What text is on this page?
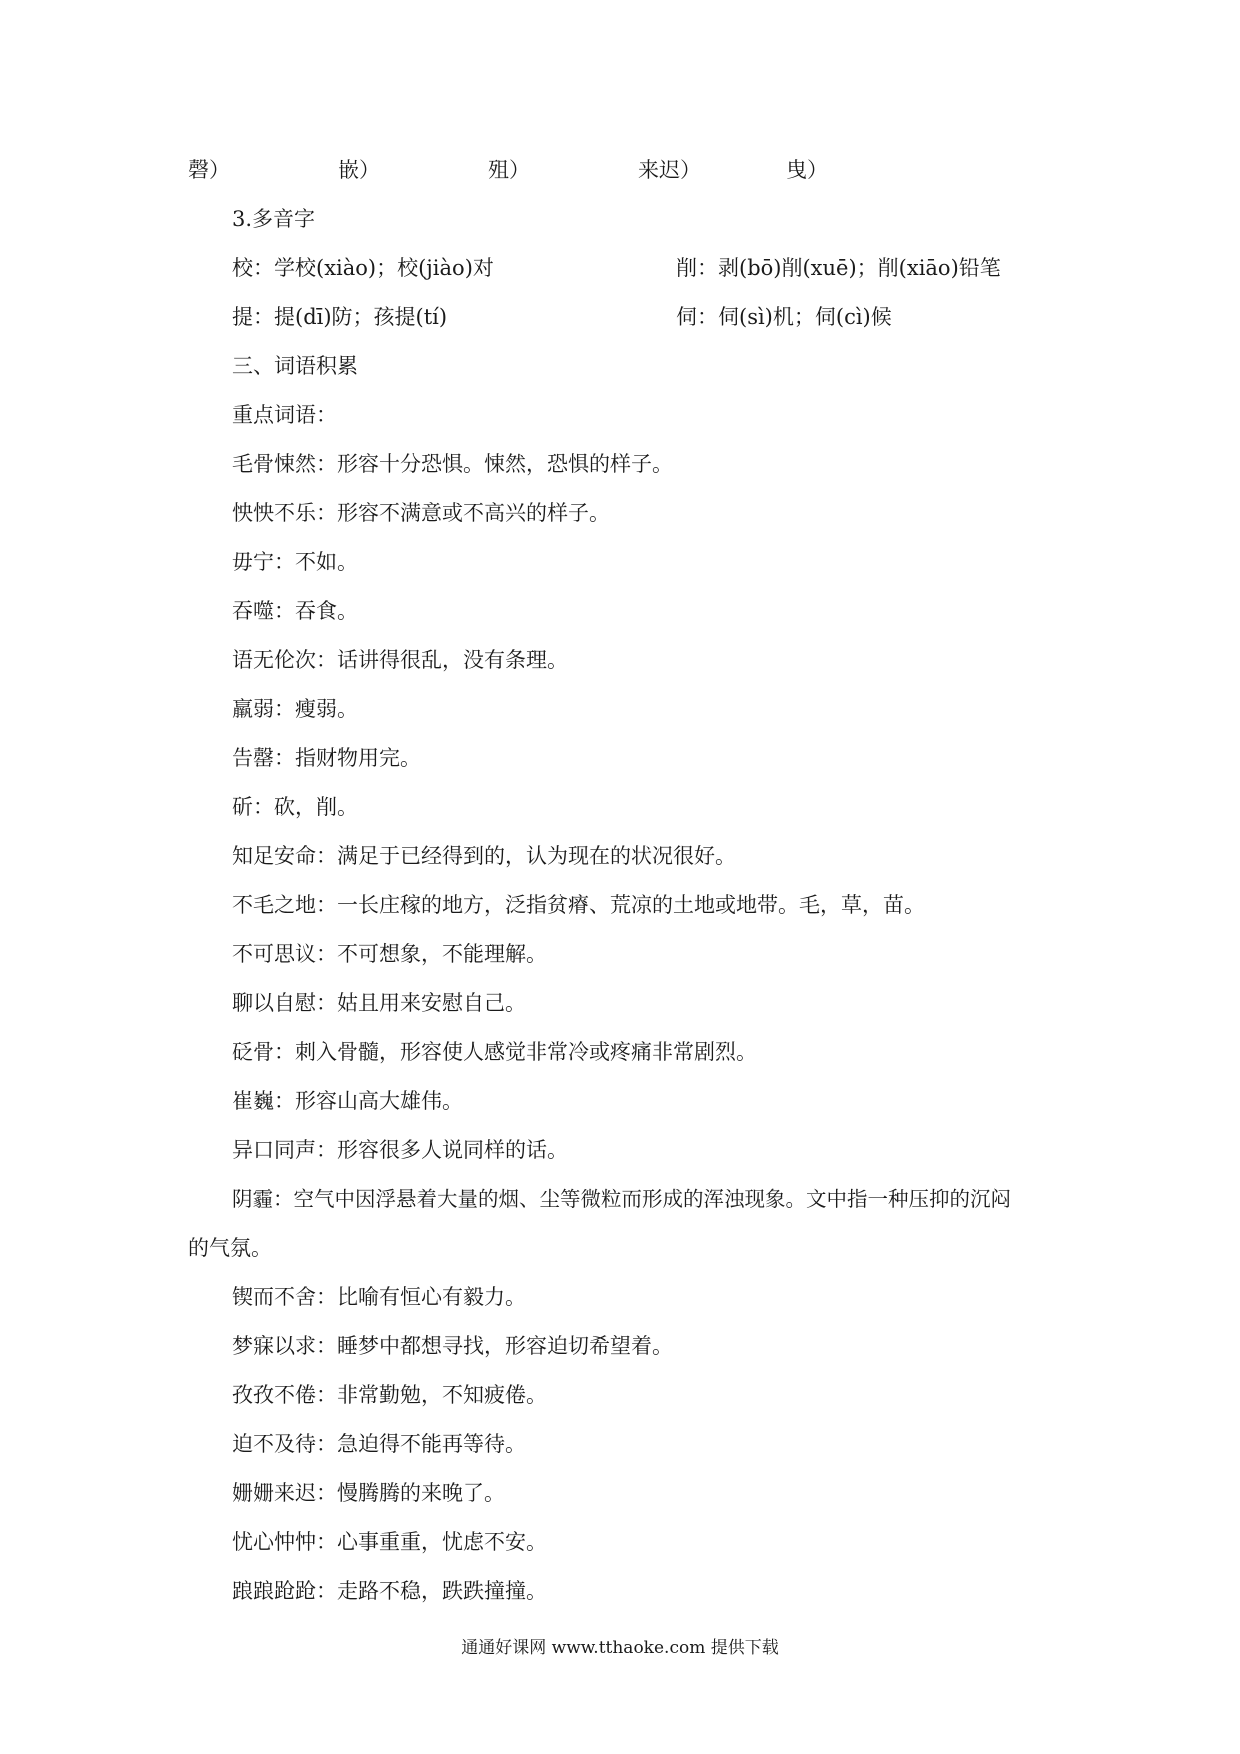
磬）	嵌）	殂）	来迟）	曳）
3.多音字
校：学校(xiào)；校(jiào)对	削：剥(bō)削(xuē)；削(xiāo)铅笔
提：提(dī)防；孩提(tí)	伺：伺(sì)机；伺(cì)候
三、词语积累
重点词语：
毛骨悚然：形容十分恐惧。悚然，恐惧的样子。
怏怏不乐：形容不满意或不高兴的样子。
毋宁：不如。
吞噬：吞食。
语无伦次：话讲得很乱，没有条理。
羸弱：瘦弱。
告罄：指财物用完。
斫：砍，削。
知足安命：满足于已经得到的，认为现在的状况很好。
不毛之地：一长庄稼的地方，泛指贫瘠、荒凉的土地或地带。毛，草，苗。
不可思议：不可想象，不能理解。
聊以自慰：姑且用来安慰自己。
砭骨：刺入骨髓，形容使人感觉非常冷或疼痛非常剧烈。
崔巍：形容山高大雄伟。
异口同声：形容很多人说同样的话。
阴霾：空气中因浮悬着大量的烟、尘等微粒而形成的浑浊现象。文中指一种压抑的沉闷
的气氛。
锲而不舍：比喻有恒心有毅力。
梦寐以求：睡梦中都想寻找，形容迫切希望着。
孜孜不倦：非常勤勉，不知疲倦。
迫不及待：急迫得不能再等待。
姗姗来迟：慢腾腾的来晚了。
忧心忡忡：心事重重，忧虑不安。
踉踉跄跄：走路不稳，跌跌撞撞。
通通好课网 www.tthaoke.com 提供下载
